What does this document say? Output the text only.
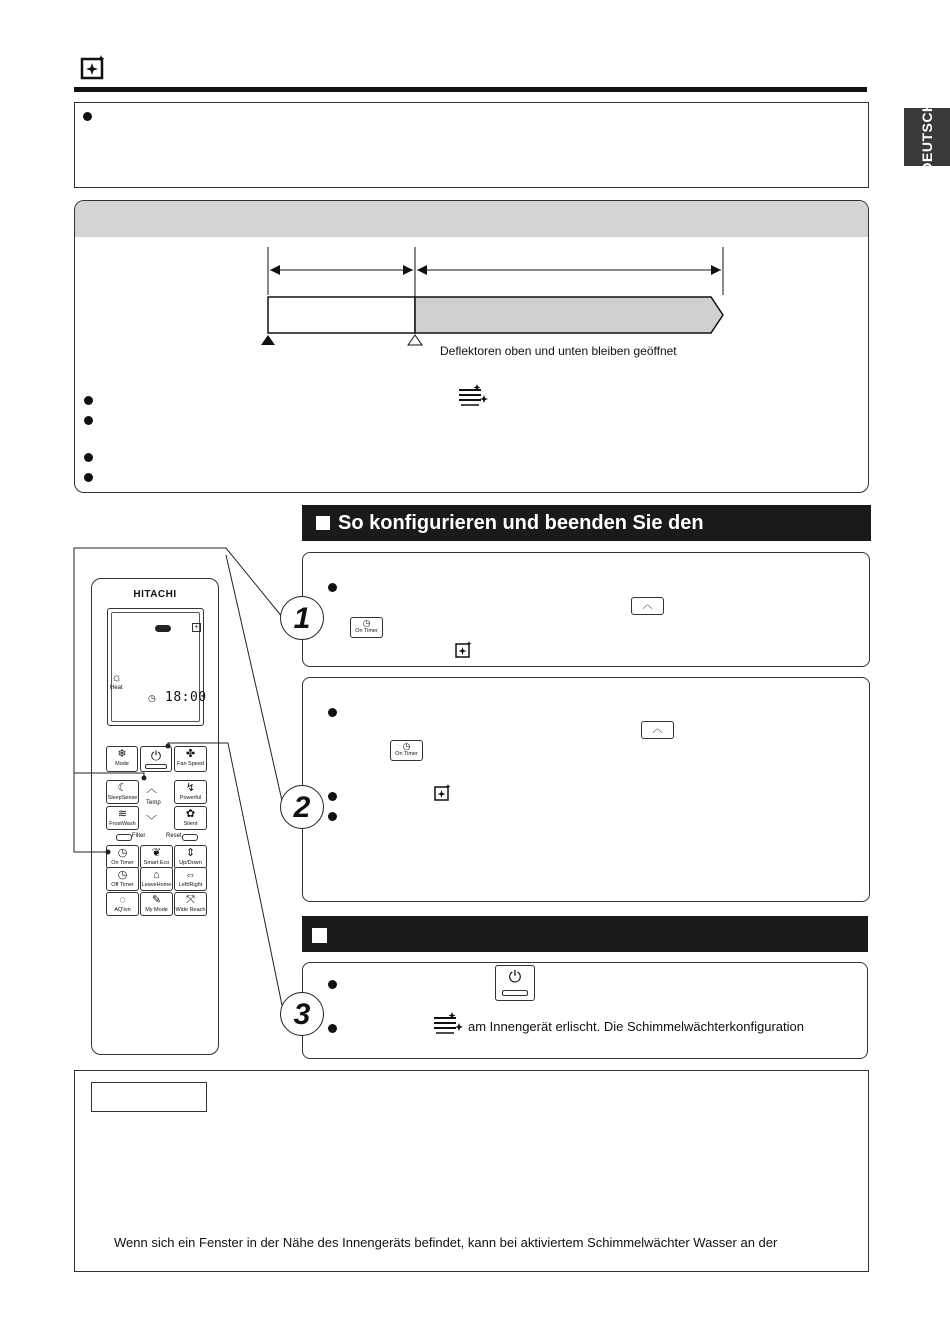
DEUTSCH
Deflektoren oben und unten bleiben geöffnet
So konfigurieren und beenden Sie den
HITACHI
+
☼
Heat
◷ 18:00
❄
Mode
⏻	✤
Fan Speed
☾
SleepSense
︿
Temp
﹀
↯
Powerful
≋
FrostWash
✿
Silent
Filter	Reset
◷
On Timer
❦
Smart Eco
⇕
Up/Down
◷
Off Timer
⌂
LeaveHome
⇔
Left/Right
◌
AQ'ion
✎
My Mode
⤧
Wide Reach
1	︿
◷
On Timer
2
︿
◷
On Timer
3
⏻
am Innengerät erlischt. Die Schimmelwächterkonfiguration
Wenn sich ein Fenster in der Nähe des Innengeräts befindet, kann bei aktiviertem Schimmelwächter Wasser an der
